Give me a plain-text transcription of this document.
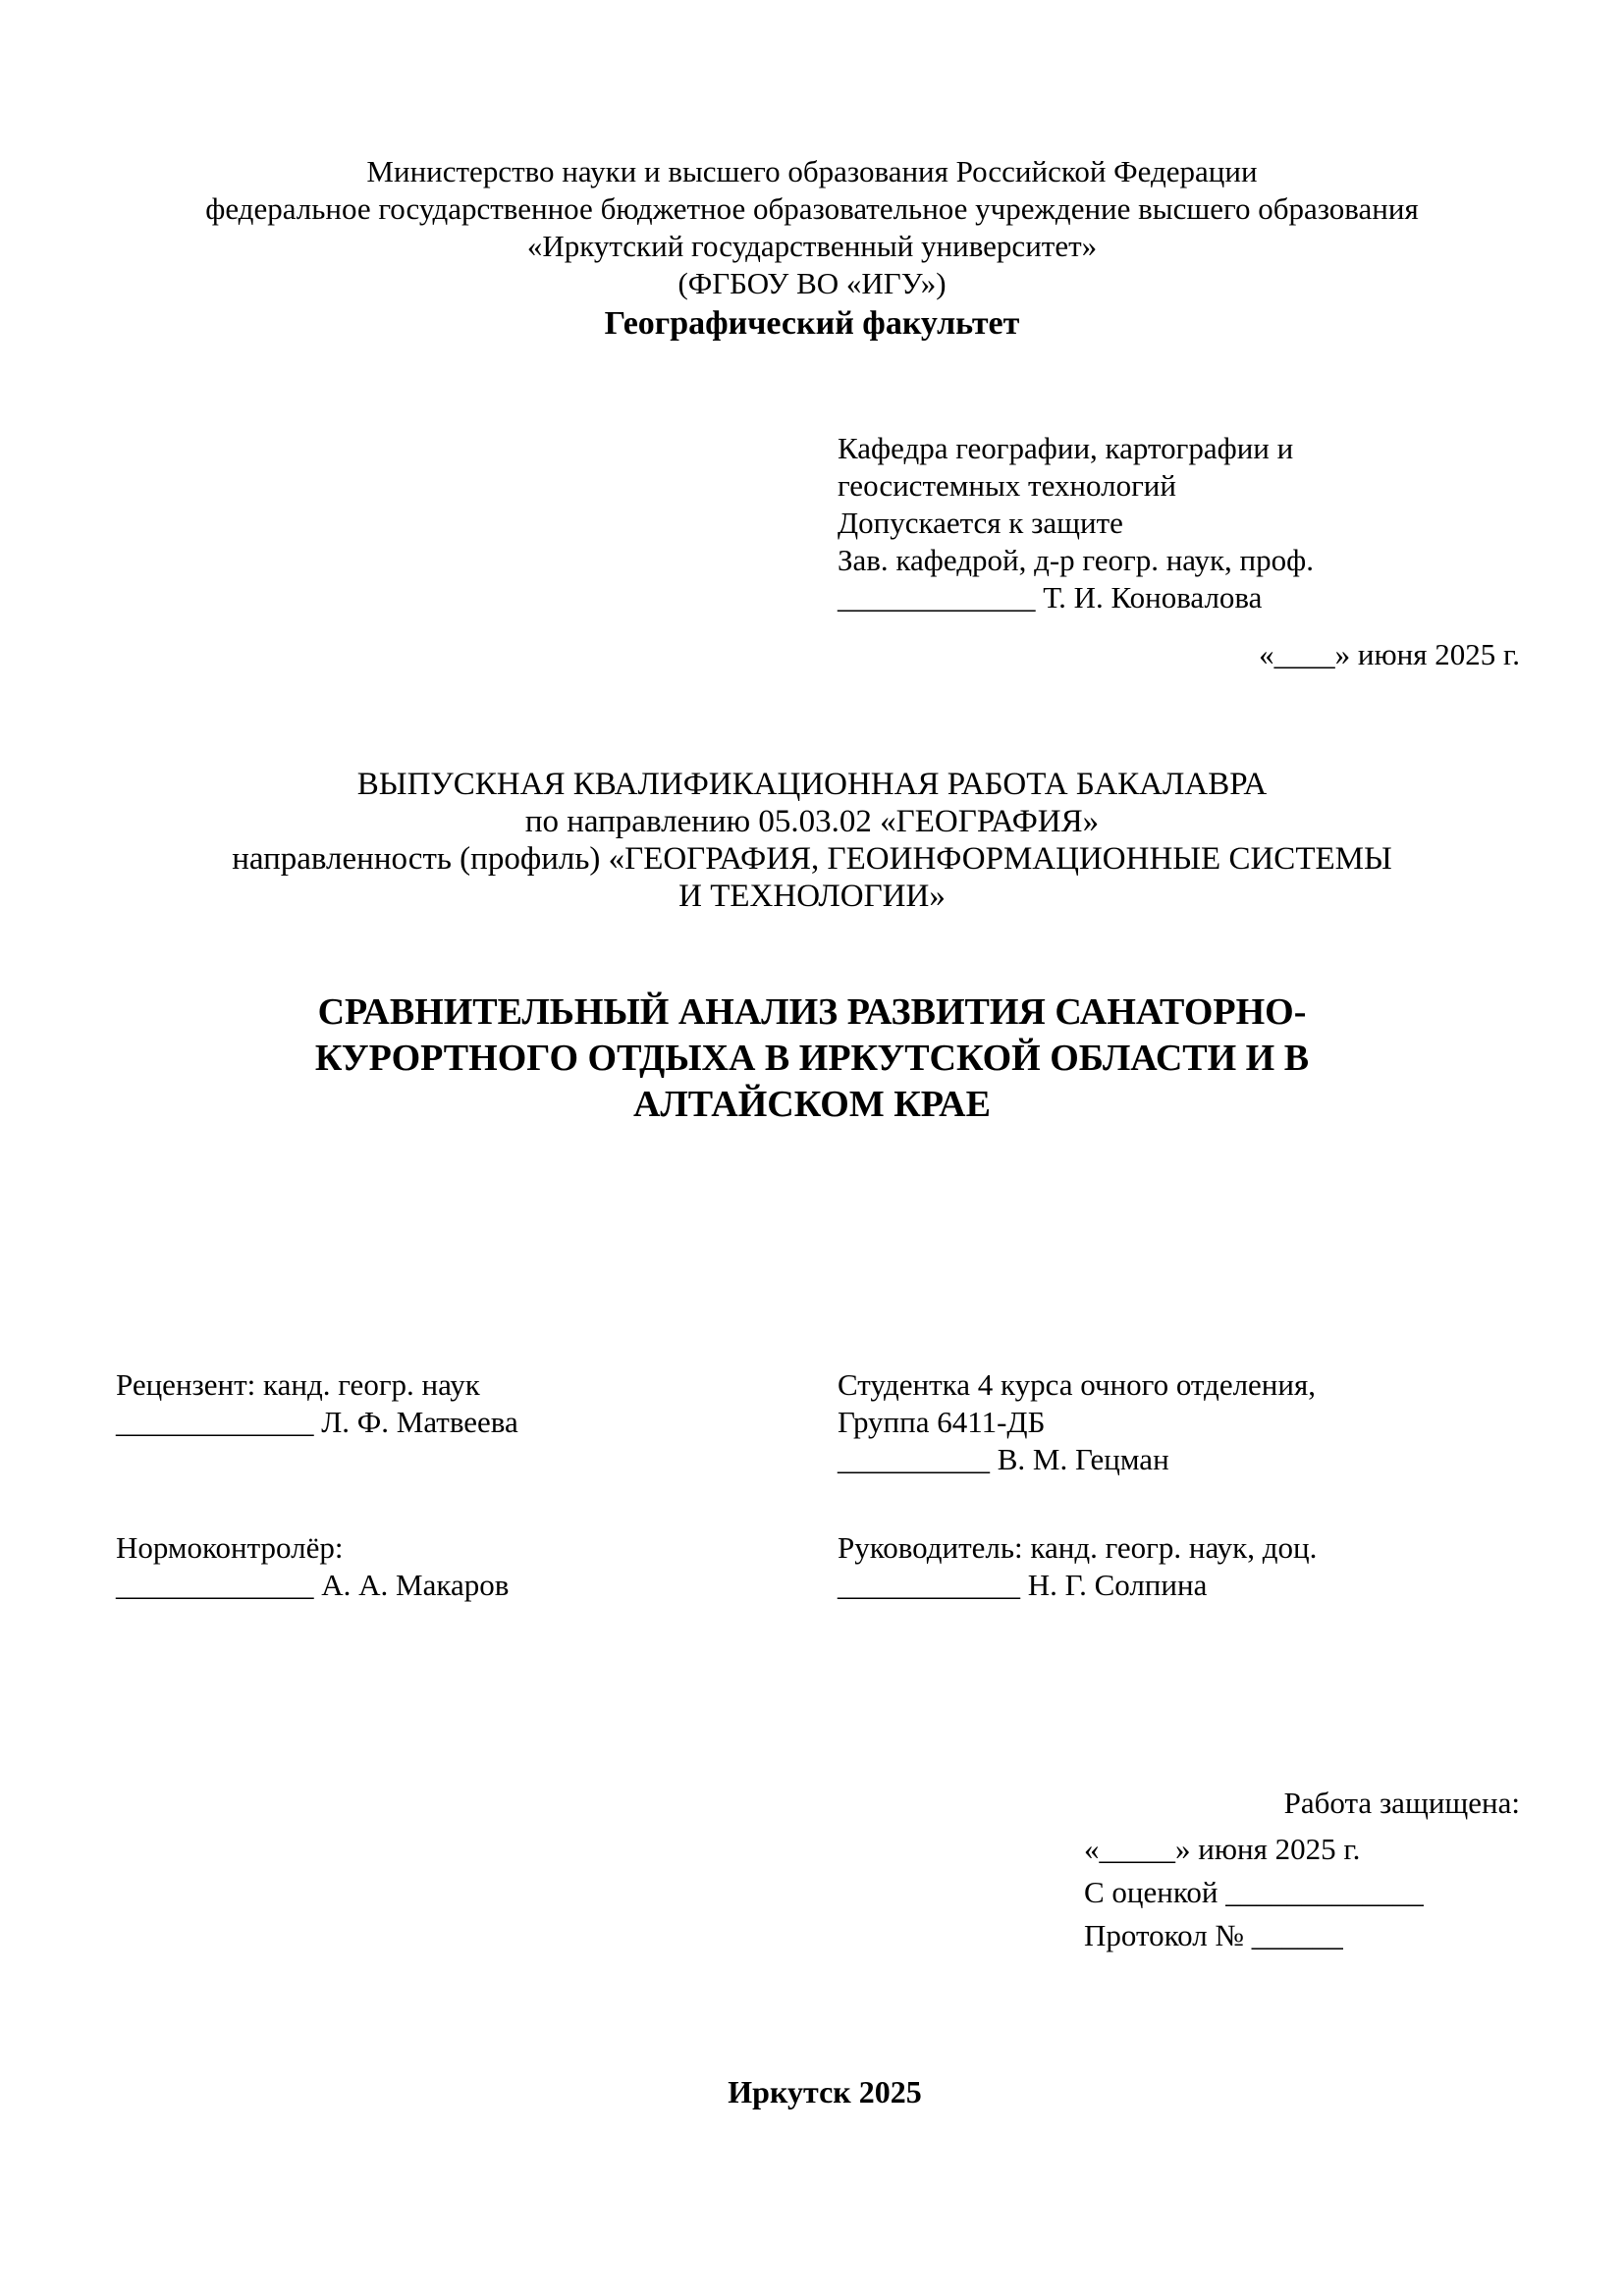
Министерство науки и высшего образования Российской Федерации
федеральное государственное бюджетное образовательное учреждение высшего образования
«Иркутский государственный университет»
(ФГБОУ ВО «ИГУ»)
Географический факультет
Кафедра географии, картографии и
геосистемных технологий
Допускается к защите
Зав. кафедрой, д-р геогр. наук, проф.
_____________ Т. И. Коновалова
«____» июня 2025 г.
ВЫПУСКНАЯ КВАЛИФИКАЦИОННАЯ РАБОТА БАКАЛАВРА
по направлению 05.03.02 «ГЕОГРАФИЯ»
направленность (профиль) «ГЕОГРАФИЯ, ГЕОИНФОРМАЦИОННЫЕ СИСТЕМЫ
И ТЕХНОЛОГИИ»
СРАВНИТЕЛЬНЫЙ АНАЛИЗ РАЗВИТИЯ САНАТОРНО-
КУРОРТНОГО ОТДЫХА В ИРКУТСКОЙ ОБЛАСТИ И В
АЛТАЙСКОМ КРАЕ
Рецензент: канд. геогр. наук
_____________ Л. Ф. Матвеева
Студентка 4 курса очного отделения,
Группа 6411-ДБ
__________ В. М. Гецман
Нормоконтролёр:
_____________ А. А. Макаров
Руководитель: канд. геогр. наук, доц.
____________ Н. Г. Солпина
Работа защищена:
«_____» июня 2025 г.
С оценкой _____________
Протокол № ______
Иркутск 2025
